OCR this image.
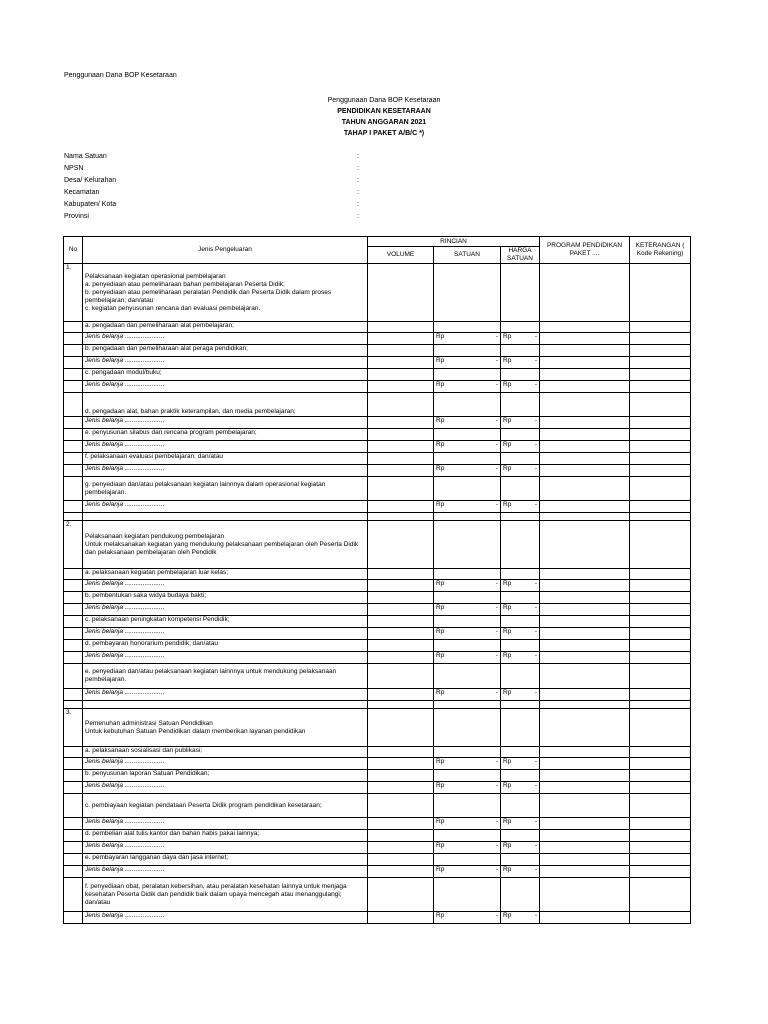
Penggunaan Dana BOP Kesetaraan
Penggunaan Dana BOP Kesetaraan
PENDIDIKAN KESETARAAN
TAHUN ANGGARAN 2021
TAHAP I PAKET A/B/C *)
Nama Satuan	:
NPSN	:
Desa/ Kelurahan	:
Kecamatan	:
Kabupaten/ Kota	:
Provinsi	:
No	Jenis Pengeluaran	RINCIAN			PROGRAM PENDIDIKAN PAKET ....	KETERANGAN ( Kode Rekening)
		VOLUME	SATUAN	HARGA SATUAN		
1.	Pelaksanaan kegiatan operasional pembelajaran
a. penyediaan atau pemeliharaan bahan pembelajaran Peserta Didik;
b. penyediaan atau pemeliharaan peralatan Pendidik dan Peserta Didik dalam proses pembelajaran; dan/atau
c. kegiatan penyusunan rencana dan evaluasi pembelajaran.					

	a. pengadaan dan pemeliharaan alat pembelajaran;					
	Jenis belanja ......................		Rp -	Rp -		

	b. pengadaan dan pemeliharaan alat peraga pendidikan;					
	Jenis belanja ......................		Rp -	Rp -		

	c. pengadaan modul/buku;					
	Jenis belanja ......................		Rp -	Rp -		

	d. pengadaan alat, bahan praktik keterampilan, dan media pembelajaran;					
	Jenis belanja ......................		Rp -	Rp -		

	e. penyusunan silabus dan rencana program pembelajaran;					
	Jenis belanja ......................		Rp -	Rp -		

	f. pelaksanaan evaluasi pembelajaran; dan/atau					
	Jenis belanja ......................		Rp -	Rp -		

	g. penyediaan dan/atau pelaksanaan kegiatan lainnnya dalam operasional kegiatan pembelajaran.					
	Jenis belanja ......................		Rp -	Rp -		

2.	Pelaksanaan kegiatan pendukung pembelajaran
Untuk melaksanakan kegiatan yang mendukung pelaksanaan pembelajaran oleh Peserta Didik dan pelaksanaan pembelajaran oleh Pendidik					

	a. pelaksanaan kegiatan pembelajaran luar kelas;					
	Jenis belanja ......................		Rp -	Rp -		

	b. pembentukan saka widya budaya bakti;					
	Jenis belanja ......................		Rp -	Rp -		

	c. pelaksanaan peningkatan kompetensi Pendidik;					
	Jenis belanja ......................		Rp -	Rp -		

	d. pembayaran honorarium pendidik; dan/atau					
	Jenis belanja ......................		Rp -	Rp -		

	e. penyediaan dan/atau pelaksanaan kegiatan lainnnya untuk mendukung pelaksanaan pembelajaran.					
	Jenis belanja ......................		Rp -	Rp -		

3.	Pemenuhan administrasi Satuan Pendidikan
Untuk kebutuhan Satuan Pendidikan dalam memberikan layanan pendidikan					

	a. pelaksanaan sosialisasi dan publikasi;					
	Jenis belanja ......................		Rp -	Rp -		

	b. penyusunan laporan Satuan Pendidikan;					
	Jenis belanja ......................		Rp -	Rp -		

	c. pembiayaan kegiatan pendataan Peserta Didik program pendidikan kesetaraan;					
	Jenis belanja ......................		Rp -	Rp -		

	d. pembelian alat tulis kantor dan bahan habis pakai lainnya;					
	Jenis belanja ......................		Rp -	Rp -		

	e. pembayaran langganan daya dan jasa internet;					
	Jenis belanja ......................		Rp -	Rp -		

	f. penyediaan obat, peralatan kebersihan, atau peralatan kesehatan lainnya untuk menjaga kesehatan Peserta Didik dan pendidik baik dalam upaya mencegah atau menanggulangi; dan/atau					
	Jenis belanja ......................		Rp -	Rp -		
